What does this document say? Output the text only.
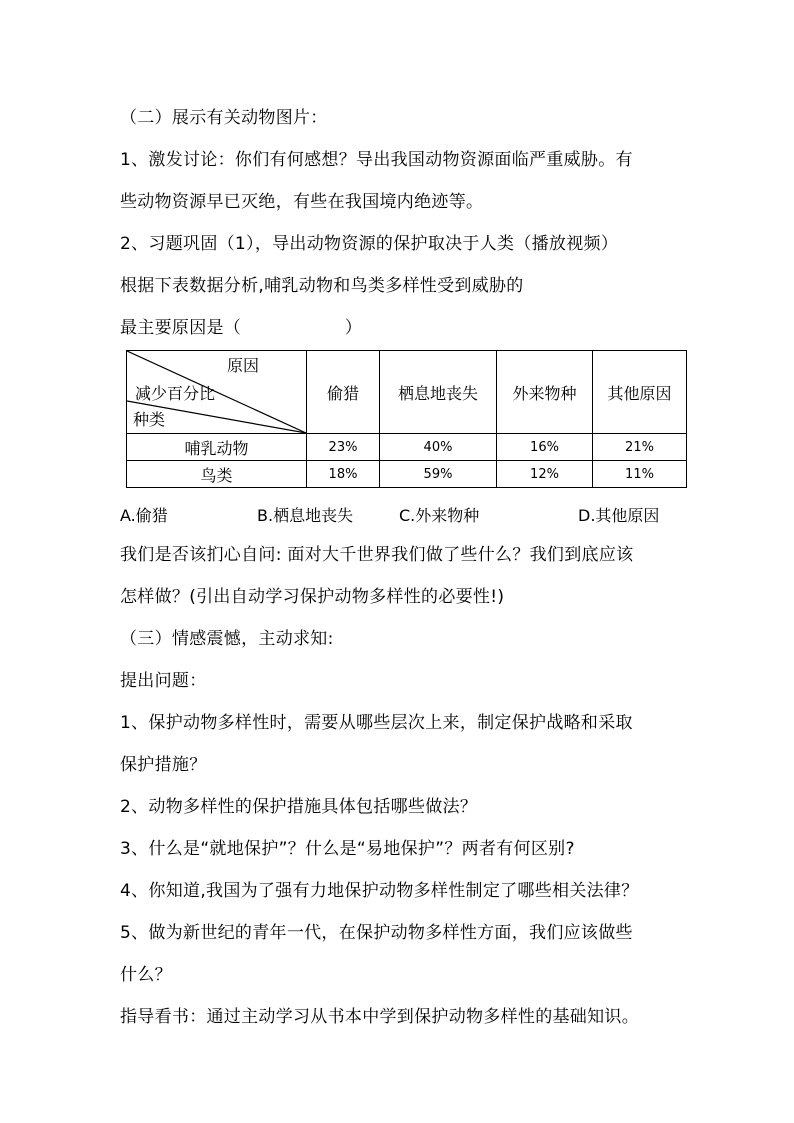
（二）展示有关动物图片：
1、激发讨论：你们有何感想？导出我国动物资源面临严重威胁。有
些动物资源早已灭绝，有些在我国境内绝迹等。
2、习题巩固（1），导出动物资源的保护取决于人类（播放视频）
根据下表数据分析,哺乳动物和鸟类多样性受到威胁的
最主要原因是（　　　　　　）
原因
减少百分比
种类	偷猎	栖息地丧失	外来物种	其他原因
哺乳动物	23%	40%	16%	21%
鸟类	18%	59%	12%	11%
A.偷猎	B.栖息地丧失	C.外来物种	D.其他原因
我们是否该扪心自问: 面对大千世界我们做了些什么？我们到底应该
怎样做？(引出自动学习保护动物多样性的必要性!)
（三）情感震憾，主动求知:
提出问题：
1、保护动物多样性时，需要从哪些层次上来，制定保护战略和采取
保护措施？
2、动物多样性的保护措施具体包括哪些做法？
3、什么是“就地保护”？什么是“易地保护”？两者有何区别?
4、你知道,我国为了强有力地保护动物多样性制定了哪些相关法律？
5、做为新世纪的青年一代，在保护动物多样性方面，我们应该做些
什么？
指导看书：通过主动学习从书本中学到保护动物多样性的基础知识。
